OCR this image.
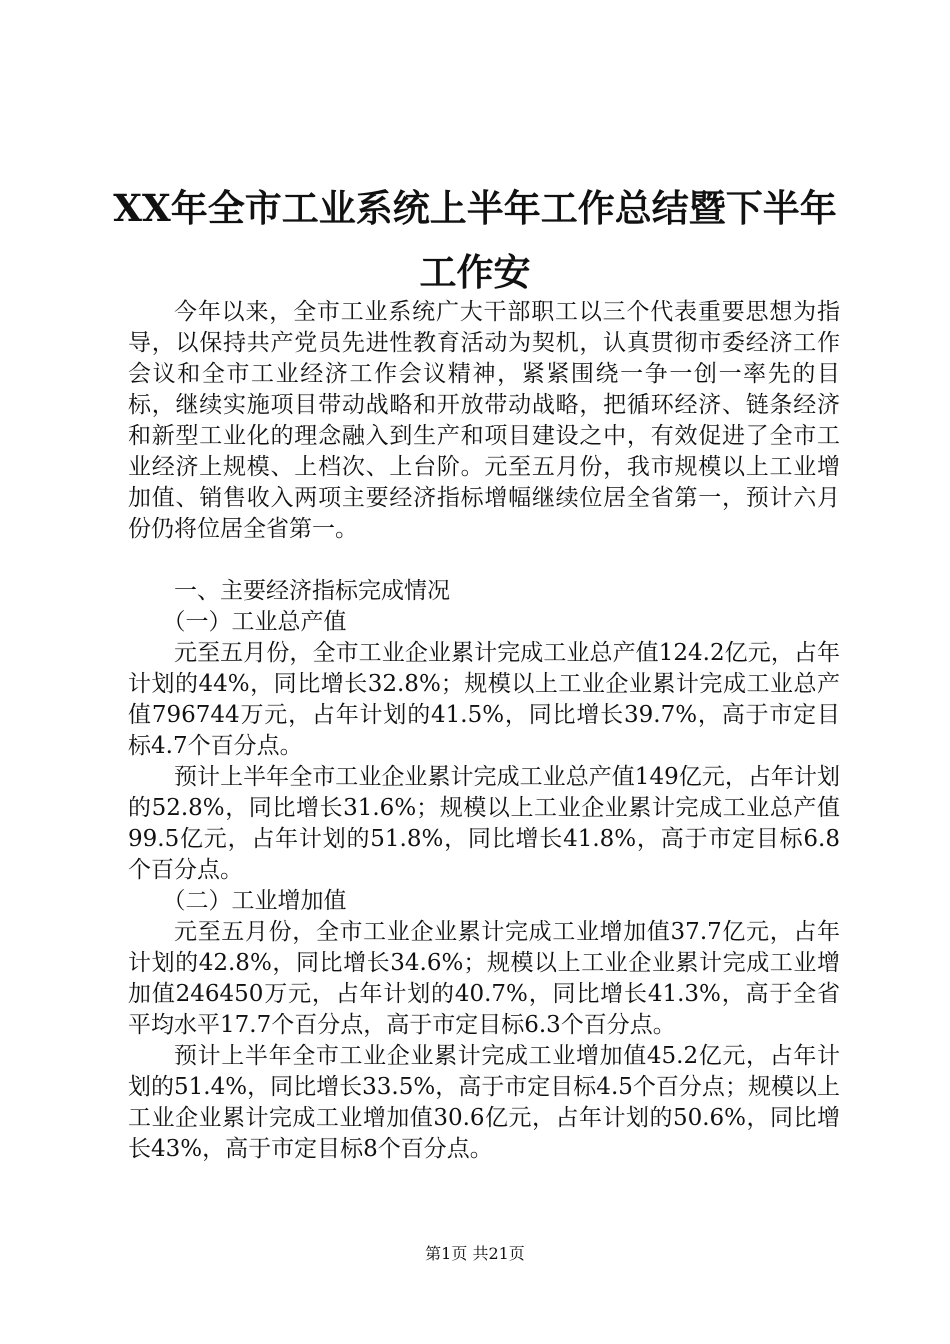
XX年全市工业系统上半年工作总结暨下半年
工作安

今年以来，全市工业系统广大干部职工以三个代表重要思想为指导，以保持共产党员先进性教育活动为契机，认真贯彻市委经济工作会议和全市工业经济工作会议精神，紧紧围绕一争一创一率先的目标，继续实施项目带动战略和开放带动战略，把循环经济、链条经济和新型工业化的理念融入到生产和项目建设之中，有效促进了全市工业经济上规模、上档次、上台阶。元至五月份，我市规模以上工业增加值、销售收入两项主要经济指标增幅继续位居全省第一，预计六月份仍将位居全省第一。

一、主要经济指标完成情况

（一）工业总产值

元至五月份，全市工业企业累计完成工业总产值124.2亿元，占年计划的44%，同比增长32.8%；规模以上工业企业累计完成工业总产值796744万元，占年计划的41.5%，同比增长39.7%，高于市定目标4.7个百分点。

预计上半年全市工业企业累计完成工业总产值149亿元，占年计划的52.8%，同比增长31.6%；规模以上工业企业累计完成工业总产值99.5亿元，占年计划的51.8%，同比增长41.8%，高于市定目标6.8个百分点。

（二）工业增加值

元至五月份，全市工业企业累计完成工业增加值37.7亿元，占年计划的42.8%，同比增长34.6%；规模以上工业企业累计完成工业增加值246450万元，占年计划的40.7%，同比增长41.3%，高于全省平均水平17.7个百分点，高于市定目标6.3个百分点。

预计上半年全市工业企业累计完成工业增加值45.2亿元，占年计划的51.4%，同比增长33.5%，高于市定目标4.5个百分点；规模以上工业企业累计完成工业增加值30.6亿元，占年计划的50.6%，同比增长43%，高于市定目标8个百分点。

第1页 共21页
